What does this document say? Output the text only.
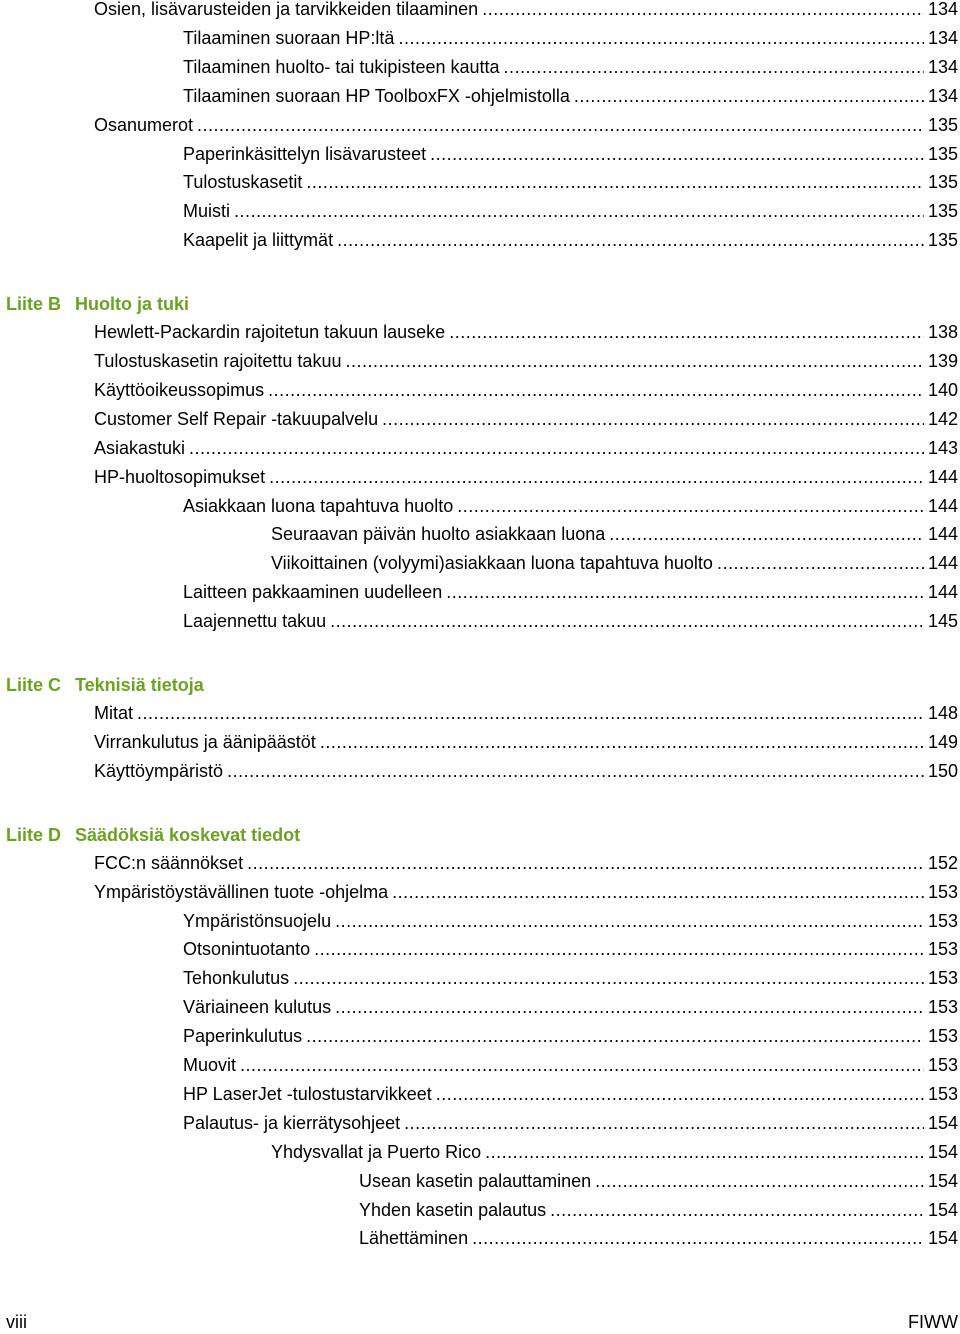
Osien, lisävarusteiden ja tarvikkeiden tilaaminen .....	134
Tilaaminen suoraan HP:ltä .....	134
Tilaaminen huolto- tai tukipisteen kautta .....	134
Tilaaminen suoraan HP ToolboxFX -ohjelmistolla .....	134
Osanumerot .....	135
Paperinkäsittelyn lisävarusteet .....	135
Tulostuskasetit .....	135
Muisti .....	135
Kaapelit ja liittymät .....	135
Liite B Huolto ja tuki
Hewlett-Packardin rajoitetun takuun lauseke .....	138
Tulostuskasetin rajoitettu takuu .....	139
Käyttöoikeussopimus .....	140
Customer Self Repair -takuupalvelu .....	142
Asiakastuki .....	143
HP-huoltosopimukset .....	144
Asiakkaan luona tapahtuva huolto .....	144
Seuraavan päivän huolto asiakkaan luona .....	144
Viikoittainen (volyymi)asiakkaan luona tapahtuva huolto .....	144
Laitteen pakkaaminen uudelleen .....	144
Laajennettu takuu .....	145
Liite C Teknisiä tietoja
Mitat .....	148
Virrankulutus ja äänipäästöt .....	149
Käyttöympäristö .....	150
Liite D Säädöksiä koskevat tiedot
FCC:n säännökset .....	152
Ympäristöystävällinen tuote -ohjelma .....	153
Ympäristönsuojelu .....	153
Otsonintuotanto .....	153
Tehonkulutus .....	153
Väriaineen kulutus .....	153
Paperinkulutus .....	153
Muovit .....	153
HP LaserJet -tulostustarvikkeet .....	153
Palautus- ja kierrätysohjeet .....	154
Yhdysvallat ja Puerto Rico .....	154
Usean kasetin palauttaminen .....	154
Yhden kasetin palautus .....	154
Lähettäminen .....	154
viii	FIWW
